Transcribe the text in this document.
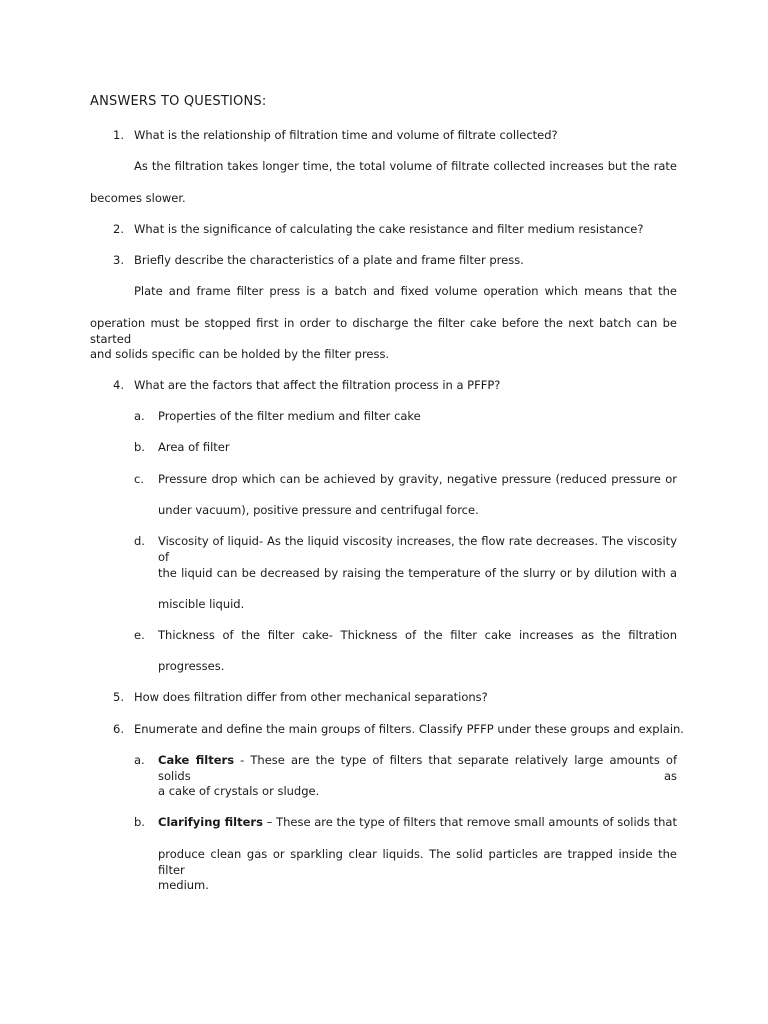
ANSWERS TO QUESTIONS:
1. What is the relationship of filtration time and volume of filtrate collected?
As the filtration takes longer time, the total volume of filtrate collected increases but the rate
becomes slower.
2. What is the significance of calculating the cake resistance and filter medium resistance?
3. Briefly describe the characteristics of a plate and frame filter press.
Plate and frame filter press is a batch and fixed volume operation which means that the
operation must be stopped first in order to discharge the filter cake before the next batch can be started
and solids specific can be holded by the filter press.
4. What are the factors that affect the filtration process in a PFFP?
a.	Properties of the filter medium and filter cake
b.	Area of filter
c.	Pressure drop which can be achieved by gravity, negative pressure (reduced pressure or
under vacuum), positive pressure and centrifugal force.
d.	Viscosity of liquid- As the liquid viscosity increases, the flow rate decreases. The viscosity of
the liquid can be decreased by raising the temperature of the slurry or by dilution with a
miscible liquid.
e.	Thickness of the filter cake- Thickness of the filter cake increases as the filtration
progresses.
5. How does filtration differ from other mechanical separations?
6. Enumerate and define the main groups of filters. Classify PFFP under these groups and explain.
a.	Cake filters - These are the type of filters that separate relatively large amounts of solids as
a cake of crystals or sludge.
b.	Clarifying filters – These are the type of filters that remove small amounts of solids that
produce clean gas or sparkling clear liquids. The solid particles are trapped inside the filter
medium.
